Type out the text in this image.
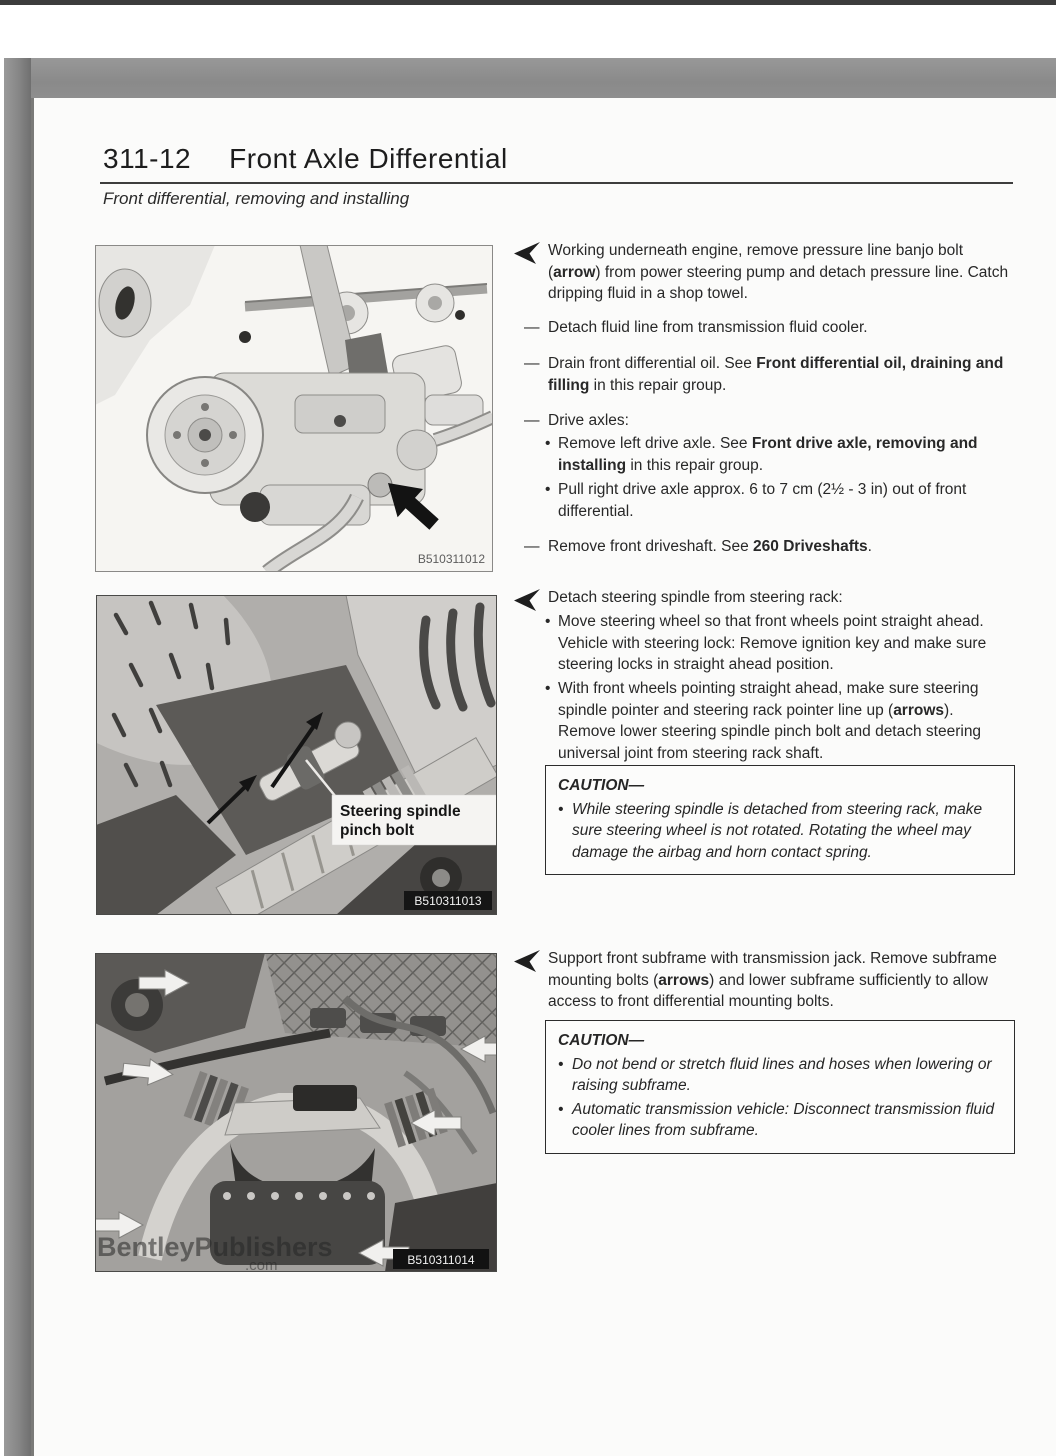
311-12 Front Axle Differential
Front differential, removing and installing
B510311012
Steering spindle
pinch bolt
B510311013
BentleyPublishers
.com	B510311014
Working underneath engine, remove pressure line banjo bolt (arrow) from power steering pump and detach pressure line. Catch dripping fluid in a shop towel.
— Detach fluid line from transmission fluid cooler.
— Drain front differential oil. See Front differential oil, draining and filling in this repair group.
— Drive axles:
• Remove left drive axle. See Front drive axle, removing and installing in this repair group.
• Pull right drive axle approx. 6 to 7 cm (2½ - 3 in) out of front differential.
— Remove front driveshaft. See 260 Driveshafts.
Detach steering spindle from steering rack:
• Move steering wheel so that front wheels point straight ahead. Vehicle with steering lock: Remove ignition key and make sure steering locks in straight ahead position.
• With front wheels pointing straight ahead, make sure steering spindle pointer and steering rack pointer line up (arrows). Remove lower steering spindle pinch bolt and detach steering universal joint from steering rack shaft.
CAUTION—
• While steering spindle is detached from steering rack, make sure steering wheel is not rotated. Rotating the wheel may damage the airbag and horn contact spring.
Support front subframe with transmission jack. Remove subframe mounting bolts (arrows) and lower subframe sufficiently to allow access to front differential mounting bolts.
CAUTION—
• Do not bend or stretch fluid lines and hoses when lowering or raising subframe.
• Automatic transmission vehicle: Disconnect transmission fluid cooler lines from subframe.
